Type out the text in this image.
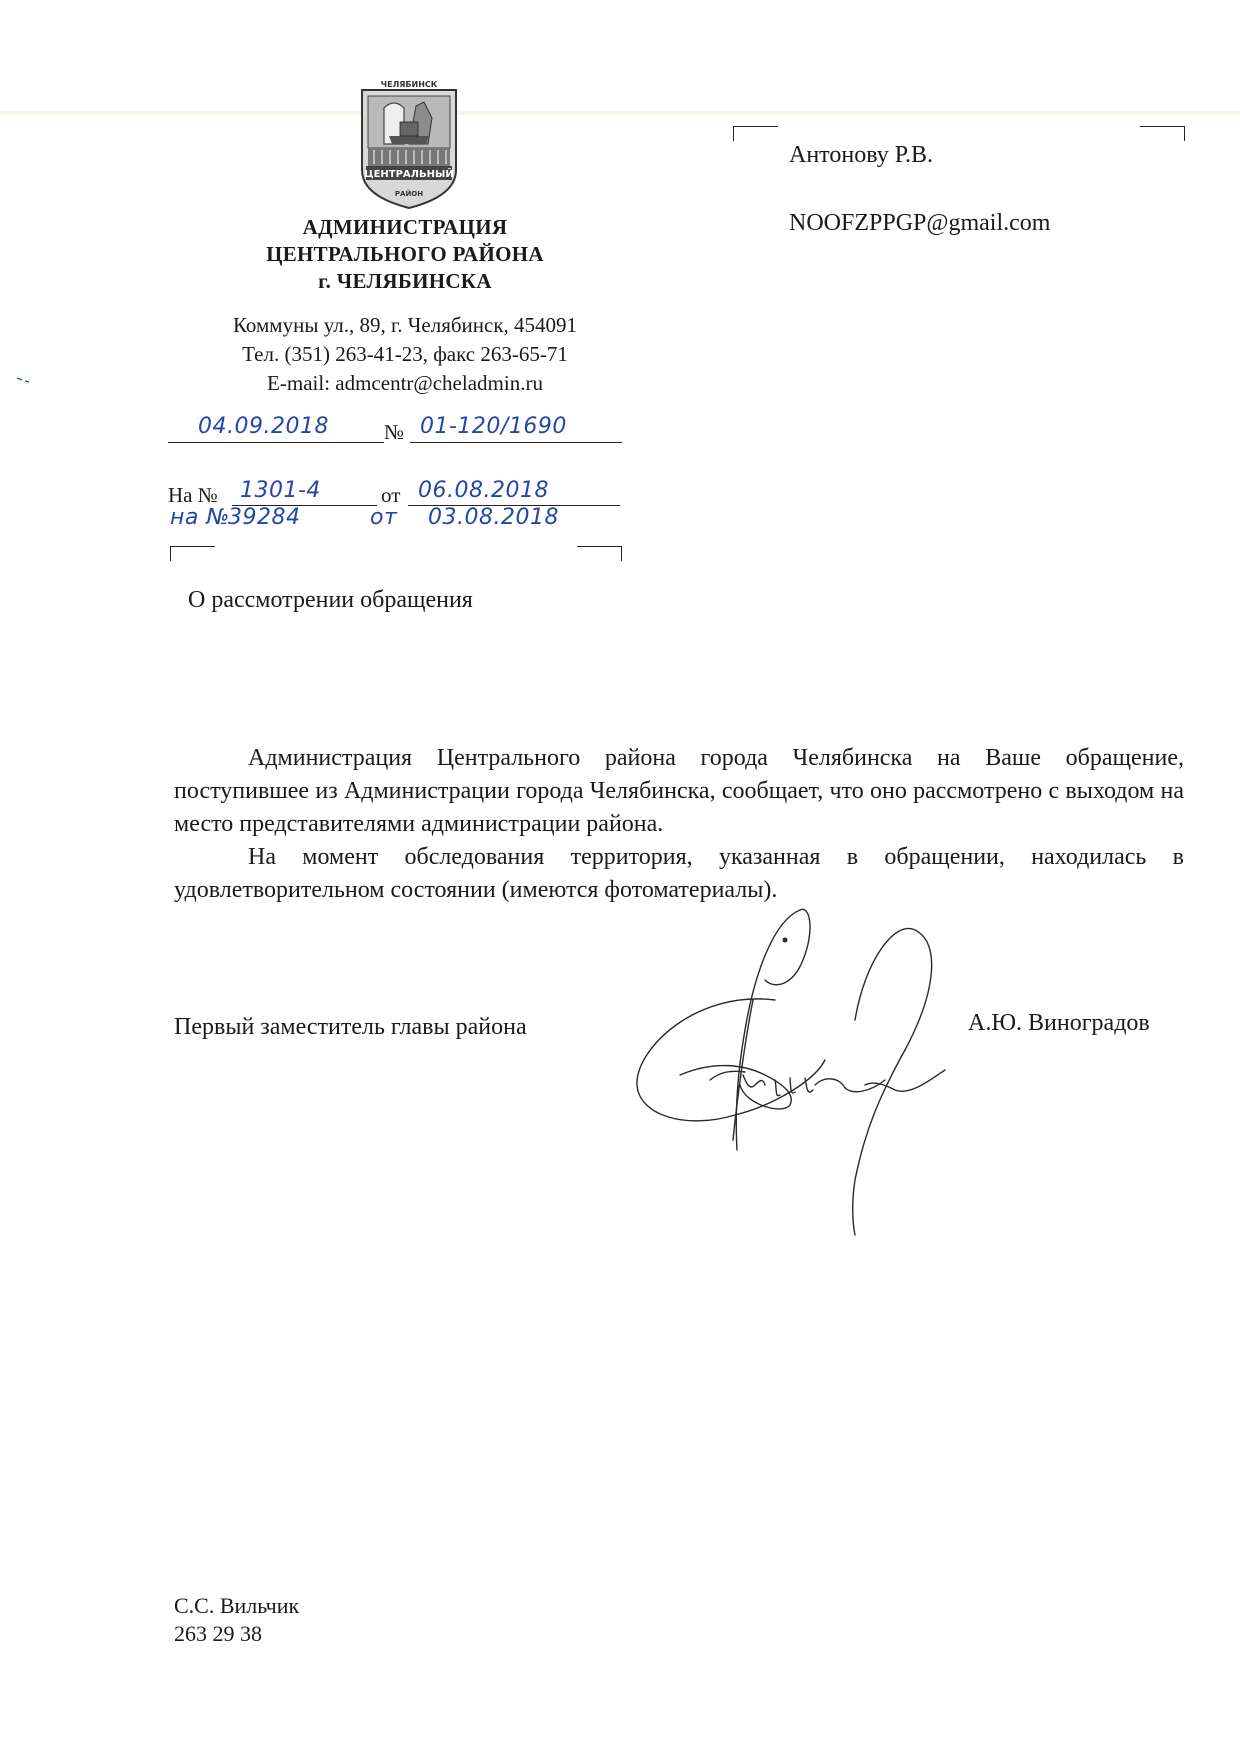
ЧЕЛЯБИНСК
ЦЕНТРАЛЬНЫЙ
РАЙОН
АДМИНИСТРАЦИЯ
ЦЕНТРАЛЬНОГО РАЙОНА
г. ЧЕЛЯБИНСКА
Коммуны ул., 89, г. Челябинск, 454091
Тел. (351) 263-41-23, факс 263-65-71
E-mail: admcentr@cheladmin.ru
04.09.2018	№ 01-120/1690
На № 1301-4	от 06.08.2018
на №
39284	от 03.08.2018
Антонову Р.В.
NOOFZPPGP@gmail.com
О рассмотрении обращения

Администрация Центрального района города Челябинска на Ваше обращение, поступившее из Администрации города Челябинска, сообщает, что оно рассмотрено с выходом на место представителями администрации района.

На момент обследования территория, указанная в обращении, находилась в удовлетворительном состоянии (имеются фотоматериалы).

Первый заместитель главы района	А.Ю. Виноградов
С.С. Вильчик
263 29 38
